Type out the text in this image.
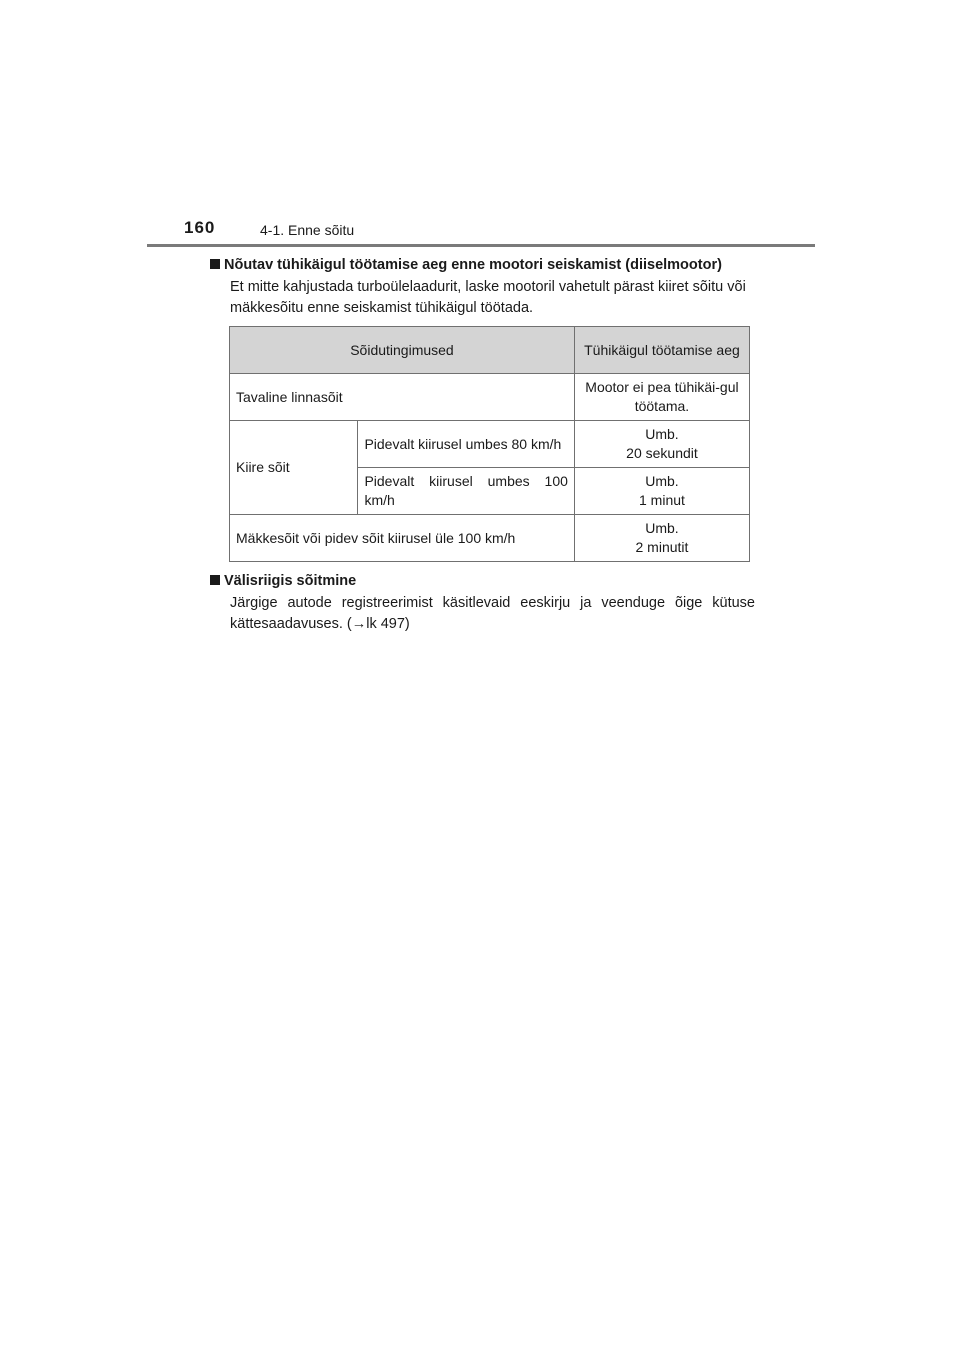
160	4-1. Enne sõitu
Nõutav tühikäigul töötamise aeg enne mootori seiskamist (diiselmootor)
Et mitte kahjustada turboülelaadurit, laske mootoril vahetult pärast kiiret sõitu või mäkkesõitu enne seiskamist tühikäigul töötada.
Sõidutingimused		Tühikäigul töötamise aeg
Tavaline linnasõit		Mootor ei pea tühikäi-gul töötama.
Kiire sõit	Pidevalt kiirusel umbes 80 km/h	Umb.
20 sekundit
	Pidevalt kiirusel umbes 100 km/h	Umb.
1 minut
Mäkkesõit või pidev sõit kiirusel üle 100 km/h		Umb.
2 minutit
Välisriigis sõitmine
Järgige autode registreerimist käsitlevaid eeskirju ja veenduge õige kütuse kättesaadavuses. (→lk 497)
